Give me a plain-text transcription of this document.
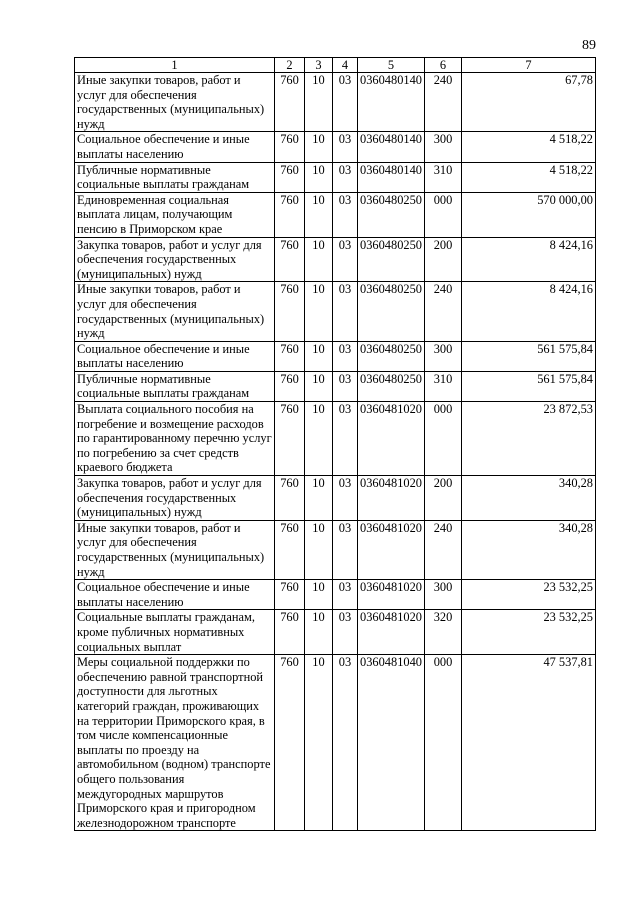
89
1	2	3	4	5	6	7
Иные закупки товаров, работ и услуг для обеспечения государственных (муниципальных) нужд	760	10	03	0360480140	240	67,78
Социальное обеспечение и иные выплаты населению	760	10	03	0360480140	300	4 518,22
Публичные нормативные социальные выплаты гражданам	760	10	03	0360480140	310	4 518,22
Единовременная социальная выплата лицам, получающим пенсию в Приморском крае	760	10	03	0360480250	000	570 000,00
Закупка товаров, работ и услуг для обеспечения государственных (муниципальных) нужд	760	10	03	0360480250	200	8 424,16
Иные закупки товаров, работ и услуг для обеспечения государственных (муниципальных) нужд	760	10	03	0360480250	240	8 424,16
Социальное обеспечение и иные выплаты населению	760	10	03	0360480250	300	561 575,84
Публичные нормативные социальные выплаты гражданам	760	10	03	0360480250	310	561 575,84
Выплата социального пособия на погребение и возмещение расходов по гарантированному перечню услуг по погребению за счет средств краевого бюджета	760	10	03	0360481020	000	23 872,53
Закупка товаров, работ и услуг для обеспечения государственных (муниципальных) нужд	760	10	03	0360481020	200	340,28
Иные закупки товаров, работ и услуг для обеспечения государственных (муниципальных) нужд	760	10	03	0360481020	240	340,28
Социальное обеспечение и иные выплаты населению	760	10	03	0360481020	300	23 532,25
Социальные выплаты гражданам, кроме публичных нормативных социальных выплат	760	10	03	0360481020	320	23 532,25
Меры социальной поддержки по обеспечению равной транспортной доступности для льготных категорий граждан, проживающих на территории Приморского края, в том числе компенсационные выплаты по проезду на автомобильном (водном) транспорте общего пользования междугородных маршрутов Приморского края и пригородном железнодорожном транспорте	760	10	03	0360481040	000	47 537,81
